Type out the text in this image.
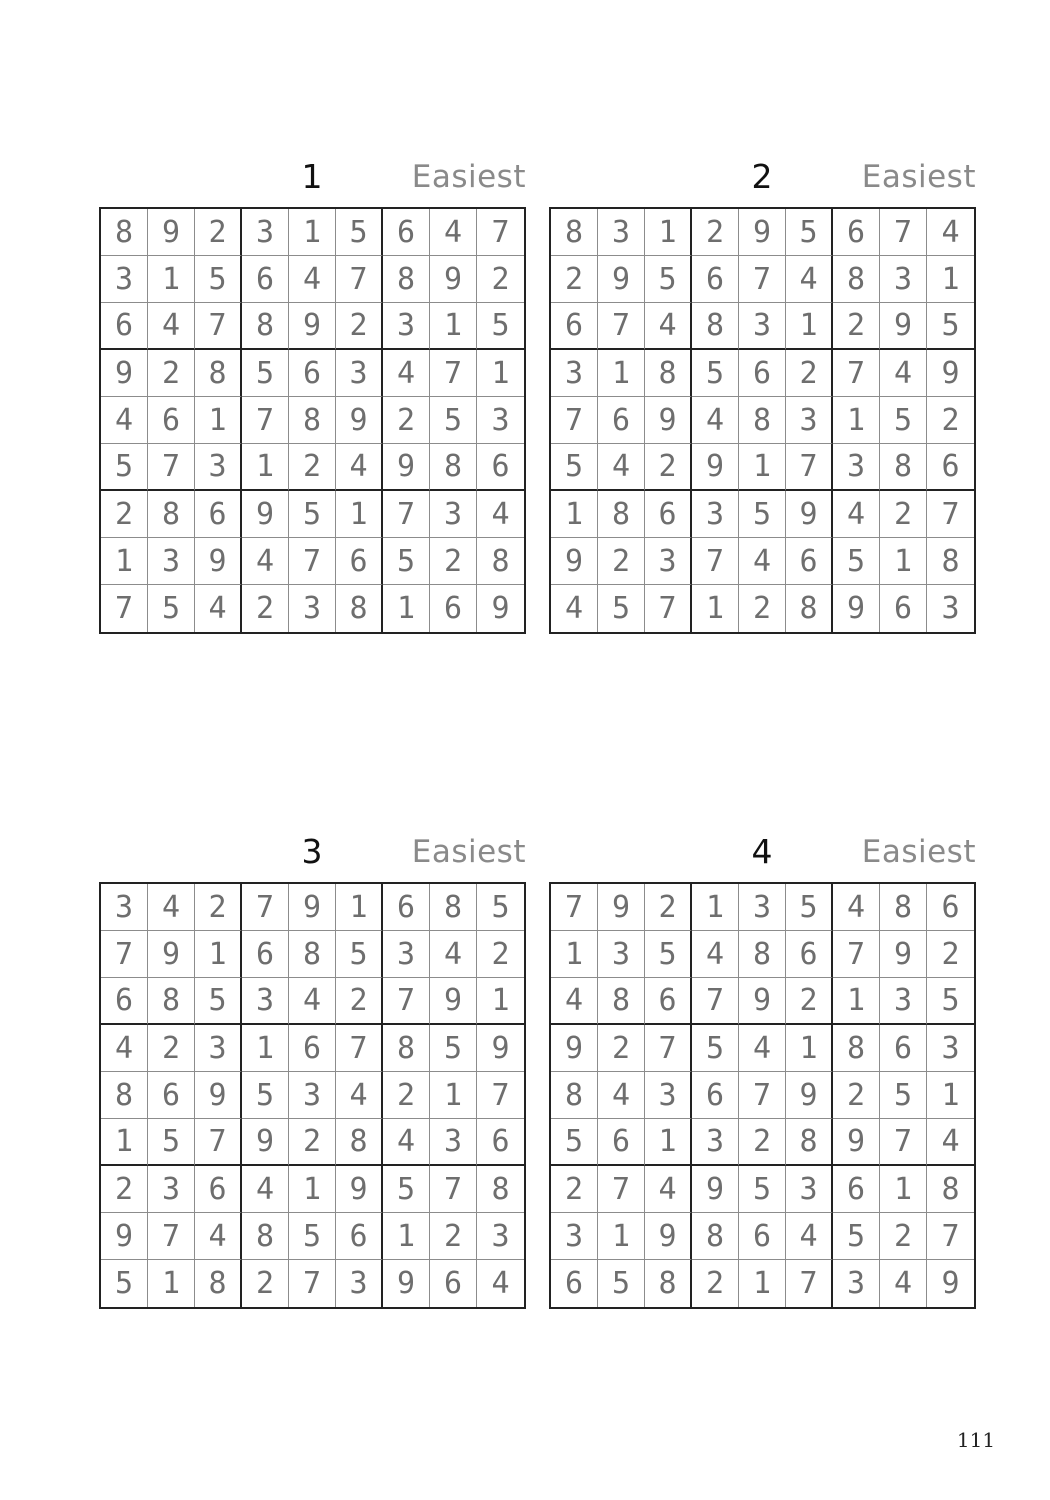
1	Easiest
8 9 2 3 1 5 6 4 7
3 1 5 6 4 7 8 9 2
6 4 7 8 9 2 3 1 5
9 2 8 5 6 3 4 7 1
4 6 1 7 8 9 2 5 3
5 7 3 1 2 4 9 8 6
2 8 6 9 5 1 7 3 4
1 3 9 4 7 6 5 2 8
7 5 4 2 3 8 1 6 9
2	Easiest
8 3 1 2 9 5 6 7 4
2 9 5 6 7 4 8 3 1
6 7 4 8 3 1 2 9 5
3 1 8 5 6 2 7 4 9
7 6 9 4 8 3 1 5 2
5 4 2 9 1 7 3 8 6
1 8 6 3 5 9 4 2 7
9 2 3 7 4 6 5 1 8
4 5 7 1 2 8 9 6 3
3	Easiest
3 4 2 7 9 1 6 8 5
7 9 1 6 8 5 3 4 2
6 8 5 3 4 2 7 9 1
4 2 3 1 6 7 8 5 9
8 6 9 5 3 4 2 1 7
1 5 7 9 2 8 4 3 6
2 3 6 4 1 9 5 7 8
9 7 4 8 5 6 1 2 3
5 1 8 2 7 3 9 6 4
4	Easiest
7 9 2 1 3 5 4 8 6
1 3 5 4 8 6 7 9 2
4 8 6 7 9 2 1 3 5
9 2 7 5 4 1 8 6 3
8 4 3 6 7 9 2 5 1
5 6 1 3 2 8 9 7 4
2 7 4 9 5 3 6 1 8
3 1 9 8 6 4 5 2 7
6 5 8 2 1 7 3 4 9
111
